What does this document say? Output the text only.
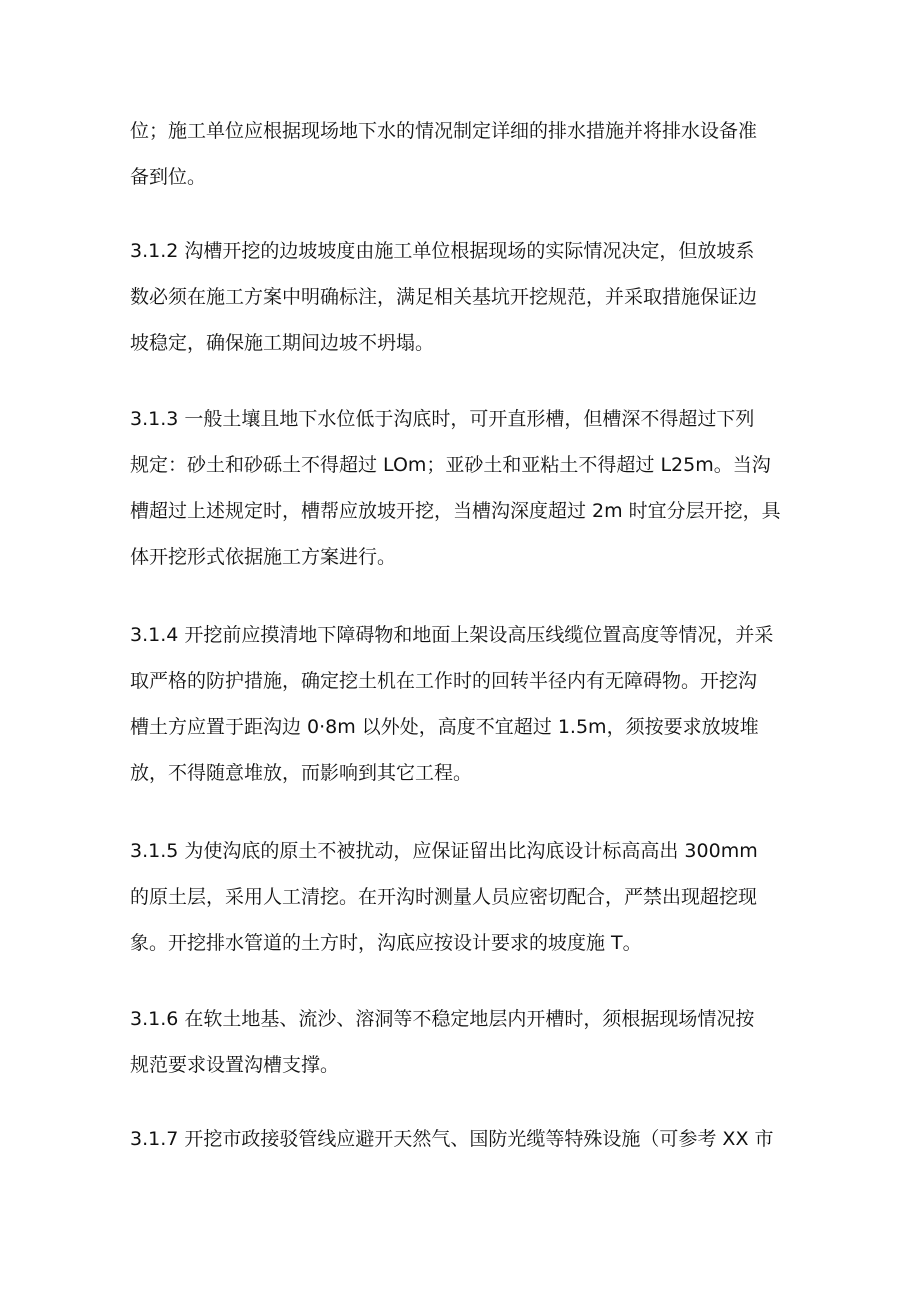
位；施工单位应根据现场地下水的情况制定详细的排水措施并将排水设备准
备到位。

3.1.2 沟槽开挖的边坡坡度由施工单位根据现场的实际情况决定，但放坡系
数必须在施工方案中明确标注，满足相关基坑开挖规范，并采取措施保证边
坡稳定，确保施工期间边坡不坍塌。

3.1.3 一般土壤且地下水位低于沟底时，可开直形槽，但槽深不得超过下列
规定：砂土和砂砾土不得超过 LOm；亚砂土和亚粘土不得超过 L25m。当沟
槽超过上述规定时，槽帮应放坡开挖，当槽沟深度超过 2m 时宜分层开挖，具
体开挖形式依据施工方案进行。

3.1.4 开挖前应摸清地下障碍物和地面上架设高压线缆位置高度等情况，并采
取严格的防护措施，确定挖土机在工作时的回转半径内有无障碍物。开挖沟
槽土方应置于距沟边 0·8m 以外处，高度不宜超过 1.5m，须按要求放坡堆
放，不得随意堆放，而影响到其它工程。

3.1.5 为使沟底的原土不被扰动，应保证留出比沟底设计标高高出 300mm
的原土层，采用人工清挖。在开沟时测量人员应密切配合，严禁出现超挖现
象。开挖排水管道的土方时，沟底应按设计要求的坡度施 T。

3.1.6 在软土地基、流沙、溶洞等不稳定地层内开槽时，须根据现场情况按
规范要求设置沟槽支撑。

3.1.7 开挖市政接驳管线应避开天然气、国防光缆等特殊设施（可参考 XX 市
